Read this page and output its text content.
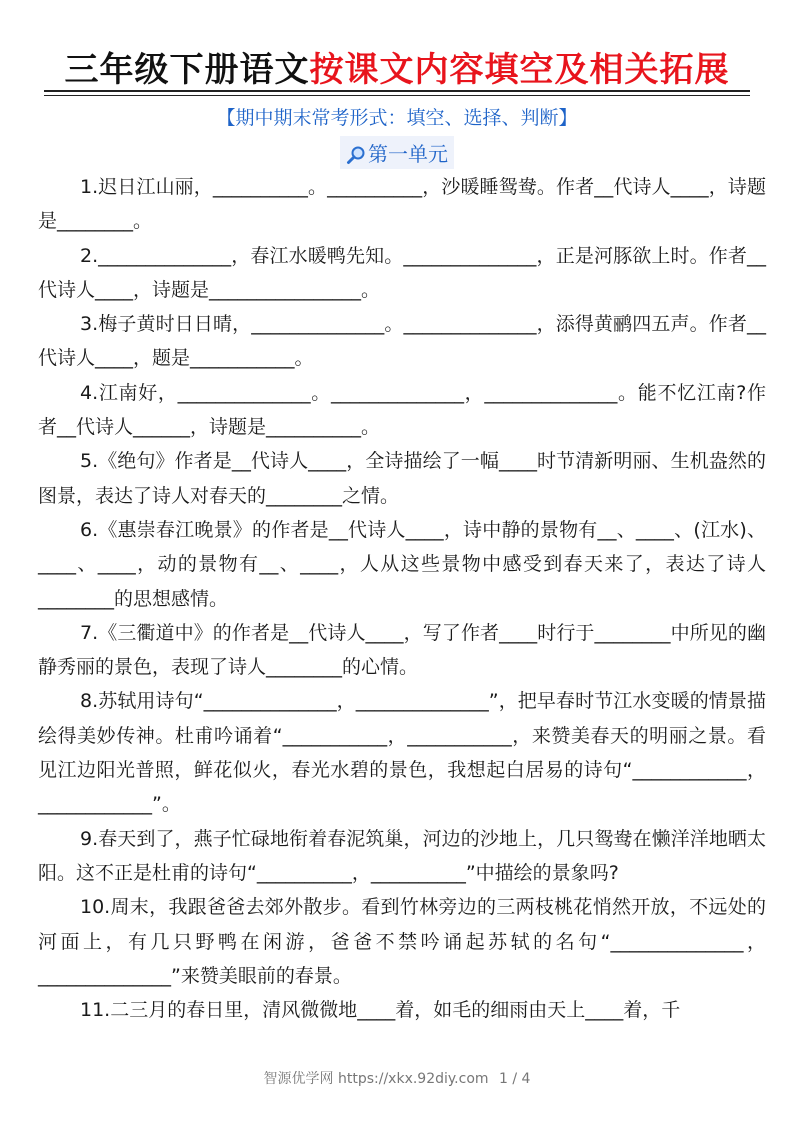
三年级下册语文按课文内容填空及相关拓展
【期中期末常考形式：填空、选择、判断】
第一单元

1.迟日江山丽，__________。__________，沙暖睡鸳鸯。作者__代诗人____，诗题是________。

2.______________，春江水暖鸭先知。______________，正是河豚欲上时。作者__代诗人____，诗题是________________。

3.梅子黄时日日晴，______________。______________，添得黄鹂四五声。作者__代诗人____，题是___________。

4.江南好，______________。______________，______________。能不忆江南?作者__代诗人______，诗题是__________。

5.《绝句》作者是__代诗人____，全诗描绘了一幅____时节清新明丽、生机盎然的图景，表达了诗人对春天的________之情。

6.《惠崇春江晚景》的作者是__代诗人____，诗中静的景物有__、____、(江水)、____、____，动的景物有__、____，人从这些景物中感受到春天来了，表达了诗人________的思想感情。

7.《三衢道中》的作者是__代诗人____，写了作者____时行于________中所见的幽静秀丽的景色，表现了诗人________的心情。

8.苏轼用诗句“______________，______________”，把早春时节江水变暖的情景描绘得美妙传神。杜甫吟诵着“___________，___________，来赞美春天的明丽之景。看见江边阳光普照，鲜花似火，春光水碧的景色，我想起白居易的诗句“____________，____________”。

9.春天到了，燕子忙碌地衔着春泥筑巢，河边的沙地上，几只鸳鸯在懒洋洋地晒太阳。这不正是杜甫的诗句“__________，__________”中描绘的景象吗?

10.周末，我跟爸爸去郊外散步。看到竹林旁边的三两枝桃花悄然开放，不远处的河面上，有几只野鸭在闲游，爸爸不禁吟诵起苏轼的名句“______________，______________”来赞美眼前的春景。

11.二三月的春日里，清风微微地____着，如毛的细雨由天上____着，千

智源优学网 https://xkx.92diy.com 1 / 4
